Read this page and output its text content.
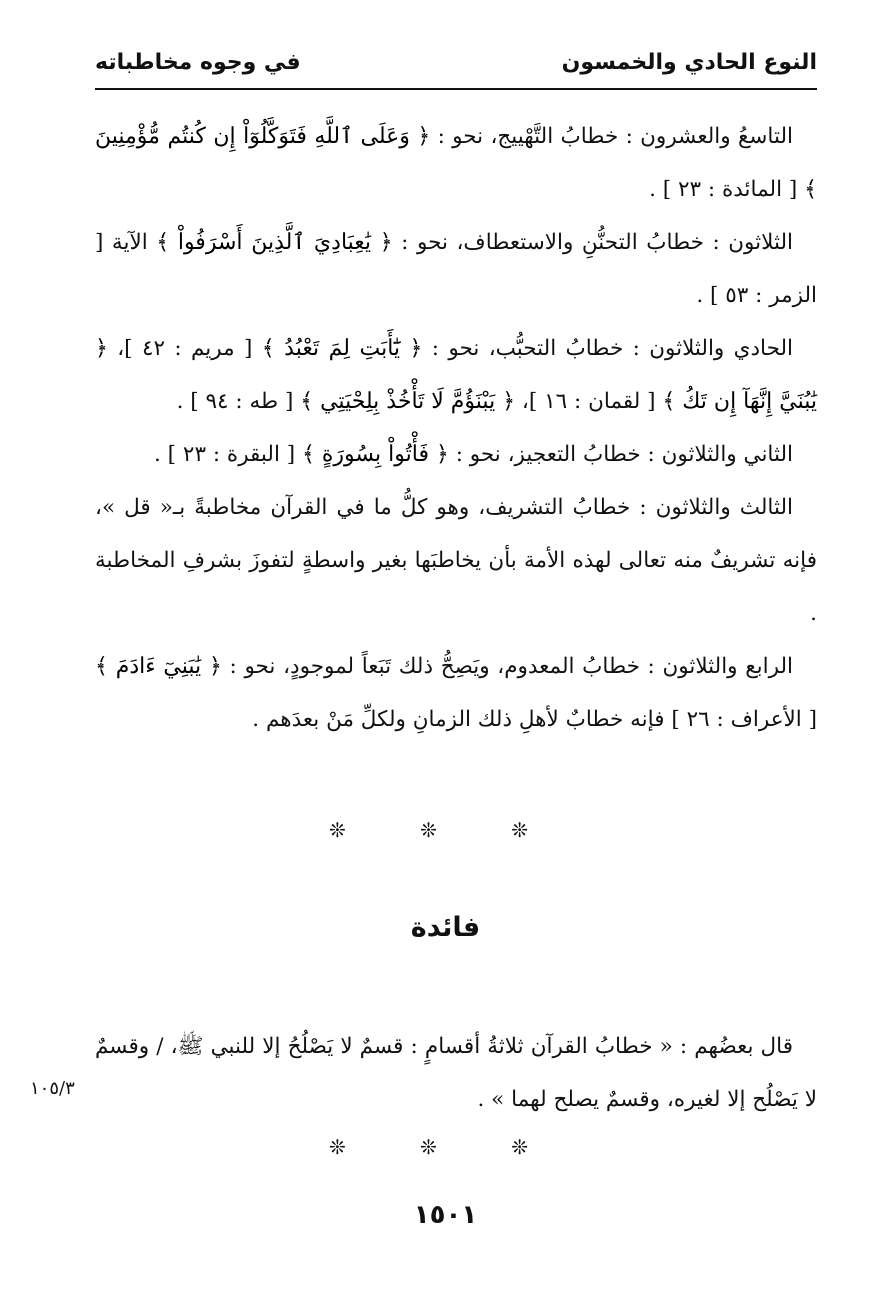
النوع الحادي والخمسون
في وجوه مخاطباته

التاسعُ والعشرون : خطابُ التَّهْييج، نحو : ﴿ وَعَلَى ٱللَّهِ فَتَوَكَّلُوٓاْ إِن كُنتُم مُّؤْمِنِينَ ﴾ [ المائدة : ٢٣ ] .

الثلاثون : خطابُ التحنُّنِ والاستعطاف، نحو : ﴿ يَٰعِبَادِيَ ٱلَّذِينَ أَسْرَفُواْ ﴾ الآية [ الزمر : ٥٣ ] .

الحادي والثلاثون : خطابُ التحبُّب، نحو : ﴿ يَٰٓأَبَتِ لِمَ تَعْبُدُ ﴾ [ مريم : ٤٢ ]، ﴿ يَٰبُنَيَّ إِنَّهَآ إِن تَكُ ﴾ [ لقمان : ١٦ ]، ﴿ يَبْنَؤُمَّ لَا تَأْخُذْ بِلِحْيَتِي ﴾ [ طه : ٩٤ ] .

الثاني والثلاثون : خطابُ التعجيز، نحو : ﴿ فَأْتُواْ بِسُورَةٍ ﴾ [ البقرة : ٢٣ ] .

الثالث والثلاثون : خطابُ التشريف، وهو كلُّ ما في القرآن مخاطبةً بـ« قل »، فإنه تشريفٌ منه تعالى لهذه الأمة بأن يخاطبَها بغير واسطةٍ لتفوزَ بشرفِ المخاطبة .

الرابع والثلاثون : خطابُ المعدوم، ويَصِحُّ ذلك تَبَعاً لموجودٍ، نحو : ﴿ يَٰبَنِيٓ ءَادَمَ ﴾ [ الأعراف : ٢٦ ] فإنه خطابٌ لأهلِ ذلك الزمانِ ولكلِّ مَنْ بعدَهم .

❊ ❊ ❊
فائدة

قال بعضُهم : « خطابُ القرآن ثلاثةُ أقسامٍ : قسمٌ لا يَصْلُحُ إلا للنبي ﷺ، / وقسمٌ لا يَصْلُح إلا لغيره، وقسمٌ يصلح لهما » .

١٠٥/٣
❊ ❊ ❊
١٥٠١
